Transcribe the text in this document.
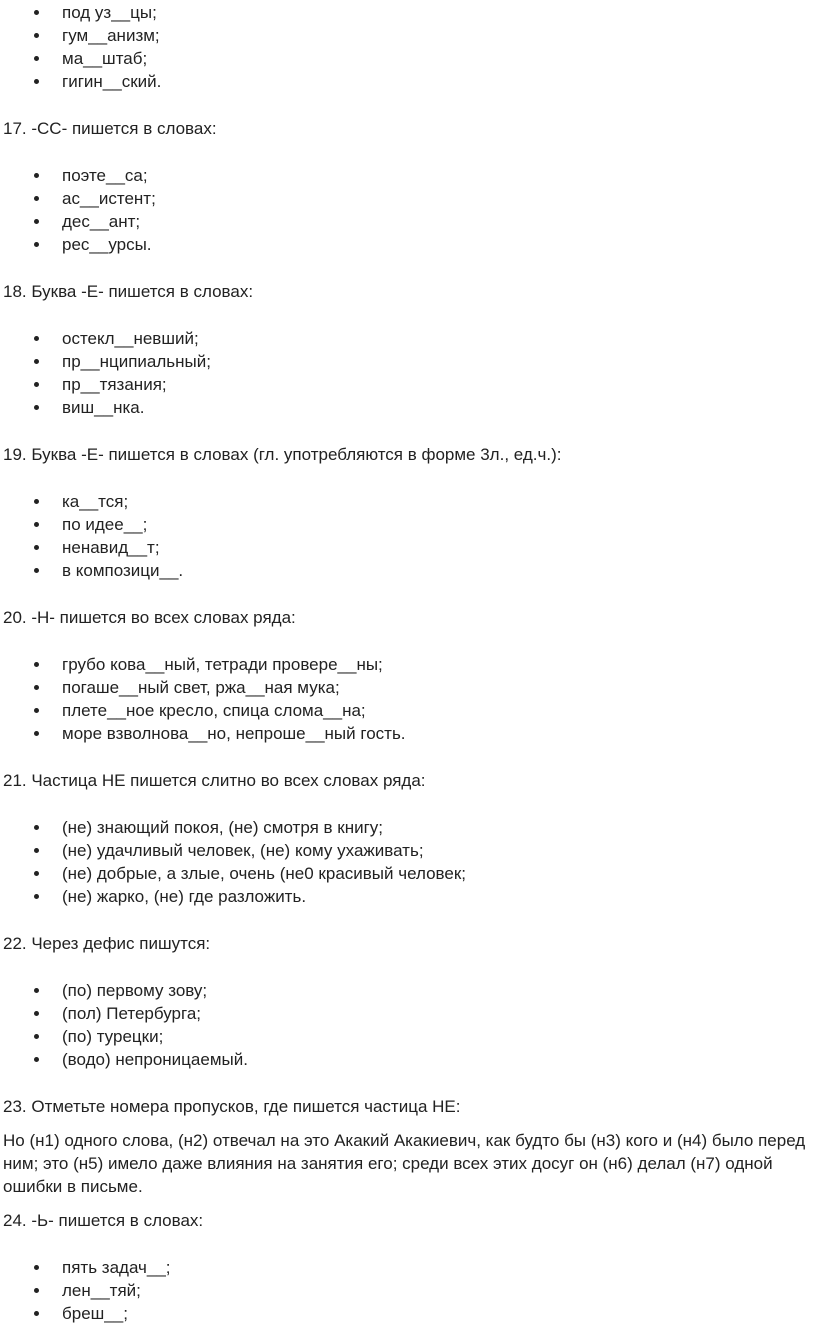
под уз__цы;
гум__анизм;
ма__штаб;
гигин__ский.

17. -СС- пишется в словах:

поэте__са;
ас__истент;
дес__ант;
рес__урсы.

18. Буква -Е- пишется в словах:

остекл__невший;
пр__нципиальный;
пр__тязания;
виш__нка.

19. Буква -Е- пишется в словах (гл. употребляются в форме 3л., ед.ч.):

ка__тся;
по идее__;
ненавид__т;
в композици__.

20. -Н- пишется во всех словах ряда:

грубо кова__ный, тетради провере__ны;
погаше__ный свет, ржа__ная мука;
плете__ное кресло, спица слома__на;
море взволнова__но, непроше__ный гость.

21. Частица НЕ пишется слитно во всех словах ряда:

(не) знающий покоя, (не) смотря в книгу;
(не) удачливый человек, (не) кому ухаживать;
(не) добрые, а злые, очень (не0 красивый человек;
(не) жарко, (не) где разложить.

22. Через дефис пишутся:

(по) первому зову;
(пол) Петербурга;
(по) турецки;
(водо) непроницаемый.

23. Отметьте номера пропусков, где пишется частица НЕ:

Но (н1) одного слова, (н2) отвечал на это Акакий Акакиевич, как будто бы (н3) кого и (н4) было перед ним; это (н5) имело даже влияния на занятия его; среди всех этих досуг он (н6) делал (н7) одной ошибки в письме.

24. -Ь- пишется в словах:

пять задач__;
лен__тяй;
бреш__;
